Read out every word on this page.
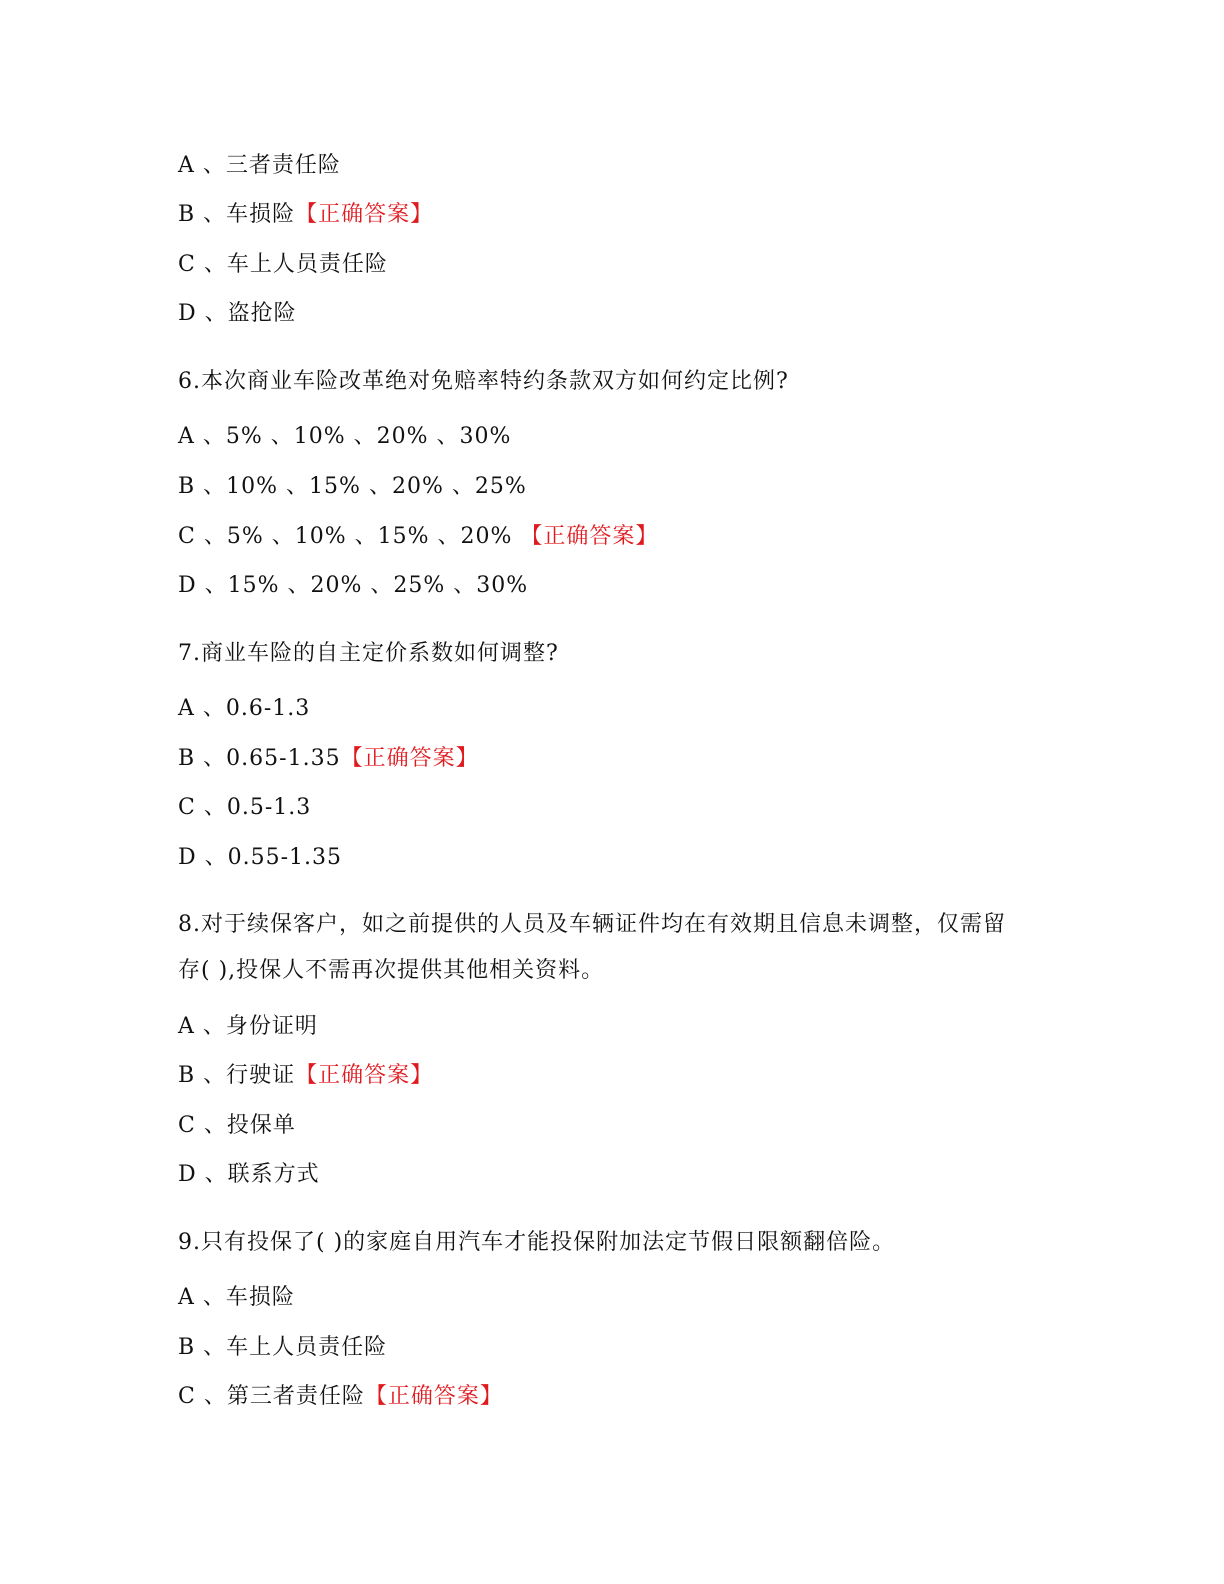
A 、三者责任险
B 、车损险【正确答案】
C 、车上人员责任险
D 、盗抢险
6.本次商业车险改革绝对免赔率特约条款双方如何约定比例?
A 、5% 、10% 、20% 、30%
B 、10% 、15% 、20% 、25%
C 、5% 、10% 、15% 、20% 【正确答案】
D 、15% 、20% 、25% 、30%
7.商业车险的自主定价系数如何调整?
A 、0.6-1.3
B 、0.65-1.35【正确答案】
C 、0.5-1.3
D 、0.55-1.35
8.对于续保客户，如之前提供的人员及车辆证件均在有效期且信息未调整，仅需留
存( ),投保人不需再次提供其他相关资料。
A 、身份证明
B 、行驶证【正确答案】
C 、投保单
D 、联系方式
9.只有投保了( )的家庭自用汽车才能投保附加法定节假日限额翻倍险。
A 、车损险
B 、车上人员责任险
C 、第三者责任险【正确答案】
